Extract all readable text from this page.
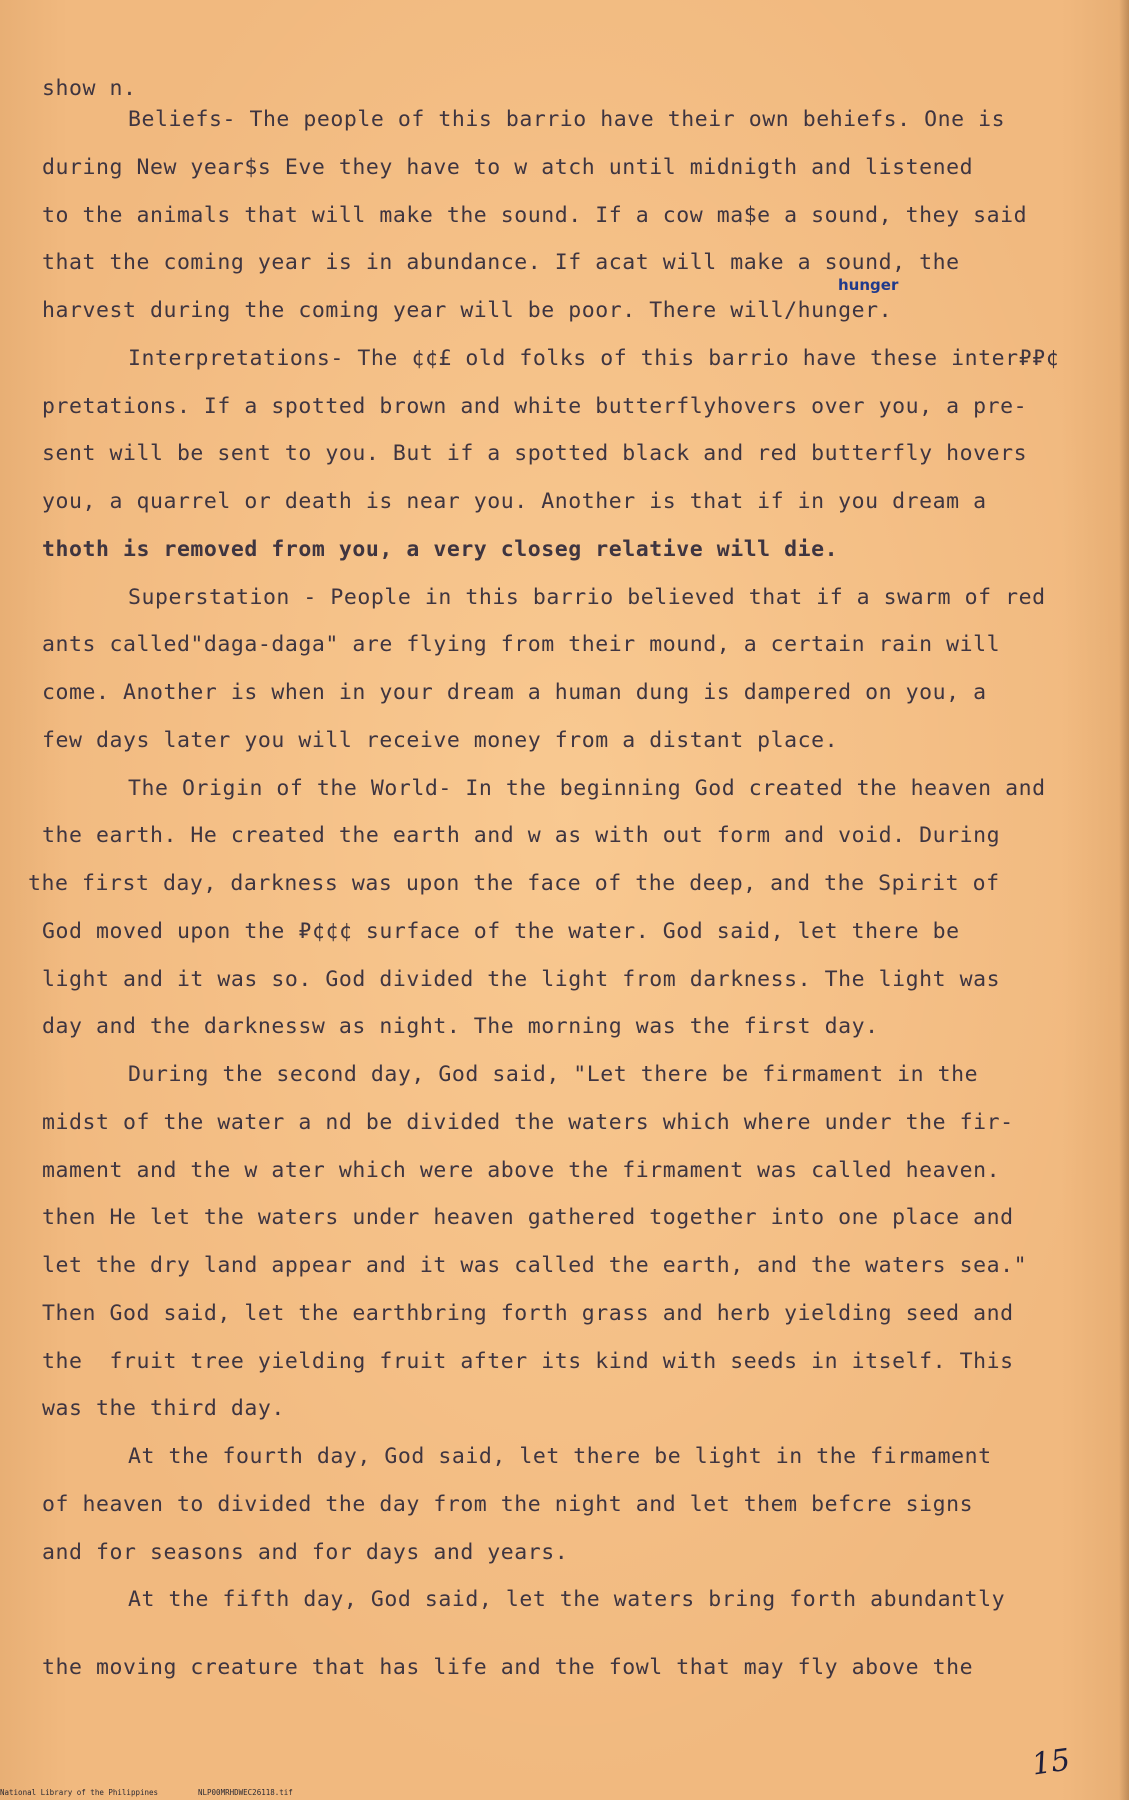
show n.
Beliefs- The people of this barrio have their own behiefs. One is
during New year$s Eve they have to w atch until midnigth and listened
to the animals that will make the sound. If a cow ma$e a sound, they said
that the coming year is in abundance. If acat will make a sound, the
harvest during the coming year will be poor. There will/hunger.
hunger
Interpretations- The ¢¢£ old folks of this barrio have these inter₽₽¢
pretations. If a spotted brown and white butterflyhovers over you, a pre-
sent will be sent to you. But if a spotted black and red butterfly hovers
you, a quarrel or death is near you. Another is that if in you dream a
thoth is removed from you, a very closeg relative will die.
Superstation - People in this barrio believed that if a swarm of red
ants called"daga-daga" are flying from their mound, a certain rain will
come. Another is when in your dream a human dung is dampered on you, a
few days later you will receive money from a distant place.
The Origin of the World- In the beginning God created the heaven and
the earth. He created the earth and w as with out form and void. During
the first day, darkness was upon the face of the deep, and the Spirit of
God moved upon the ₽¢¢¢ surface of the water. God said, let there be
light and it was so. God divided the light from darkness. The light was
day and the darknessw as night. The morning was the first day.
During the second day, God said, "Let there be firmament in the
midst of the water a nd be divided the waters which where under the fir-
mament and the w ater which were above the firmament was called heaven.
then He let the waters under heaven gathered together into one place and
let the dry land appear and it was called the earth, and the waters sea."
Then God said, let the earthbring forth grass and herb yielding seed and
the  fruit tree yielding fruit after its kind with seeds in itself. This
was the third day.
At the fourth day, God said, let there be light in the firmament
of heaven to divided the day from the night and let them befcre signs
and for seasons and for days and years.
At the fifth day, God said, let the waters bring forth abundantly
the moving creature that has life and the fowl that may fly above the
15
National Library of the Philippines	NLP00MRHDWEC26118.tif
